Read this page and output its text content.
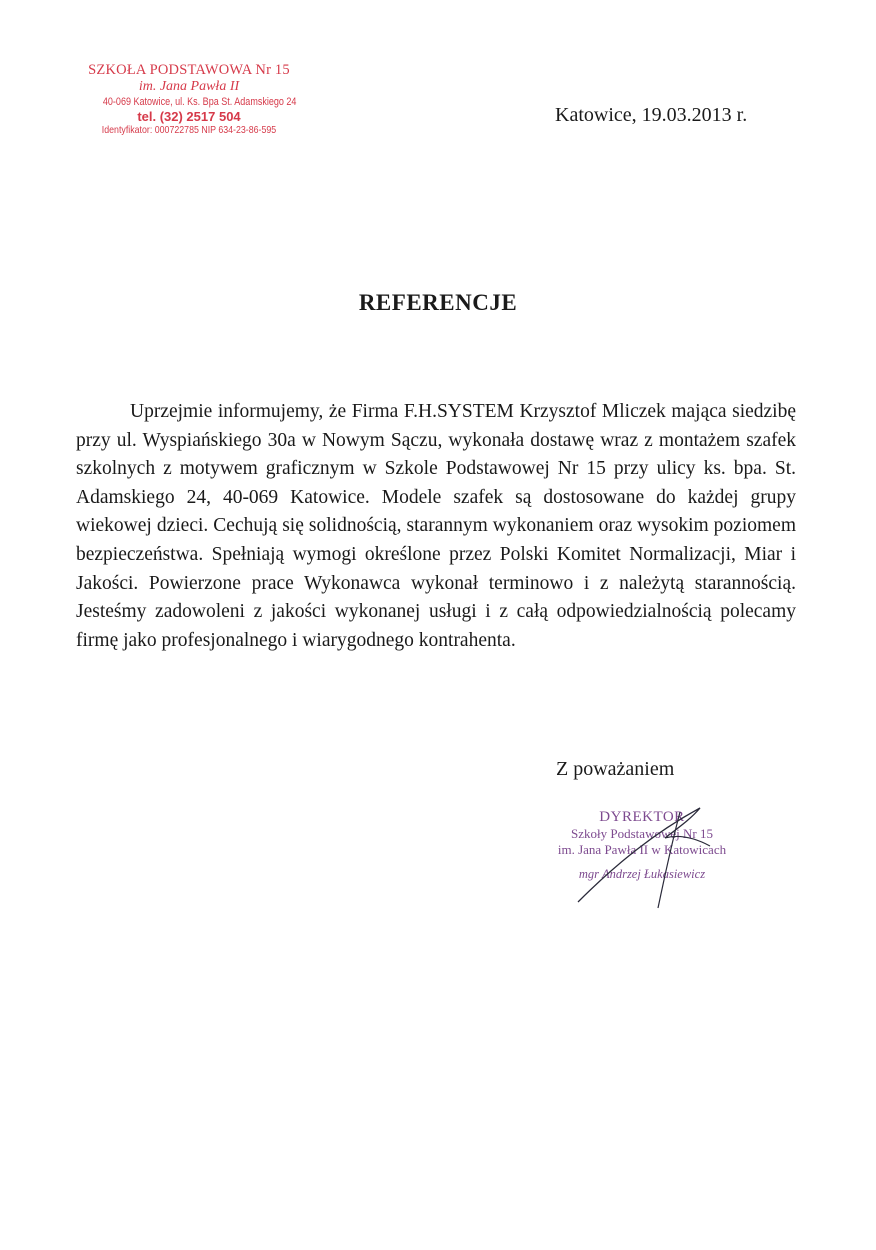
SZKOŁA PODSTAWOWA Nr 15
im. Jana Pawła II
40-069 Katowice, ul. Ks. Bpa St. Adamskiego 24
tel. (32) 2517 504
Identyfikator: 000722785 NIP 634-23-86-595
Katowice, 19.03.2013 r.
REFERENCJE
Uprzejmie informujemy, że Firma F.H.SYSTEM Krzysztof Mliczek mająca siedzibę przy ul. Wyspiańskiego 30a w Nowym Sączu, wykonała dostawę wraz z montażem szafek szkolnych z motywem graficznym w Szkole Podstawowej Nr 15 przy ulicy ks. bpa. St. Adamskiego 24, 40-069 Katowice. Modele szafek są dostosowane do każdej grupy wiekowej dzieci. Cechują się solidnością, starannym wykonaniem oraz wysokim poziomem bezpieczeństwa. Spełniają wymogi określone przez Polski Komitet Normalizacji, Miar i Jakości. Powierzone prace Wykonawca wykonał terminowo i z należytą starannością. Jesteśmy zadowoleni z jakości wykonanej usługi i z całą odpowiedzialnością polecamy firmę jako profesjonalnego i wiarygodnego kontrahenta.
Z poważaniem
DYREKTOR
Szkoły Podstawowej Nr 15
im. Jana Pawła II w Katowicach
mgr Andrzej Łukasiewicz
